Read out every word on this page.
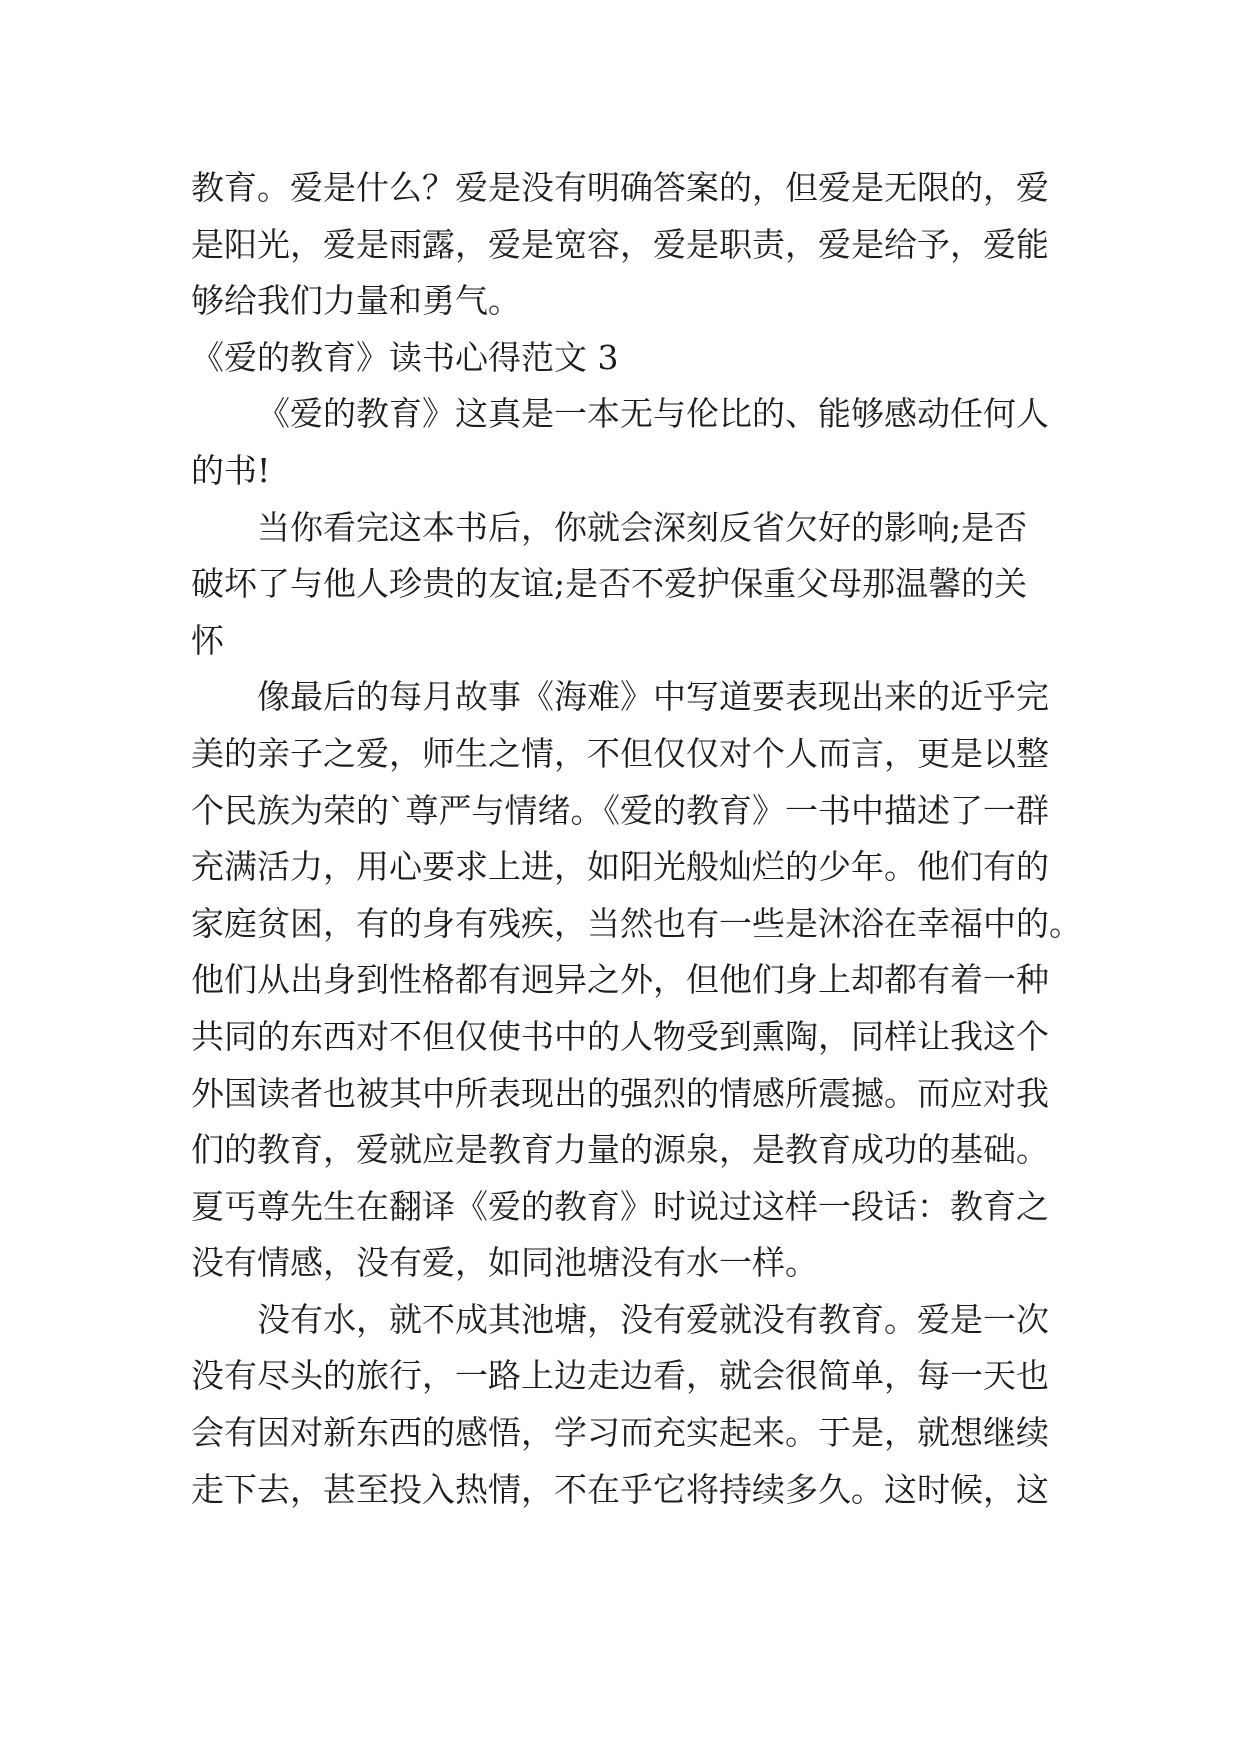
教育。爱是什么？爱是没有明确答案的，但爱是无限的，爱
是阳光，爱是雨露，爱是宽容，爱是职责，爱是给予，爱能
够给我们力量和勇气。
《爱的教育》读书心得范文 3
《爱的教育》这真是一本无与伦比的、能够感动任何人
的书!
当你看完这本书后，你就会深刻反省欠好的影响;是否
破坏了与他人珍贵的友谊;是否不爱护保重父母那温馨的关
怀
像最后的每月故事《海难》中写道要表现出来的近乎完
美的亲子之爱，师生之情，不但仅仅对个人而言，更是以整
个民族为荣的`尊严与情绪。《爱的教育》一书中描述了一群
充满活力，用心要求上进，如阳光般灿烂的少年。他们有的
家庭贫困，有的身有残疾，当然也有一些是沐浴在幸福中的。
他们从出身到性格都有迥异之外，但他们身上却都有着一种
共同的东西对不但仅使书中的人物受到熏陶，同样让我这个
外国读者也被其中所表现出的强烈的情感所震撼。而应对我
们的教育，爱就应是教育力量的源泉，是教育成功的基础。
夏丐尊先生在翻译《爱的教育》时说过这样一段话：教育之
没有情感，没有爱，如同池塘没有水一样。
没有水，就不成其池塘，没有爱就没有教育。爱是一次
没有尽头的旅行，一路上边走边看，就会很简单，每一天也
会有因对新东西的感悟，学习而充实起来。于是，就想继续
走下去，甚至投入热情，不在乎它将持续多久。这时候，这
